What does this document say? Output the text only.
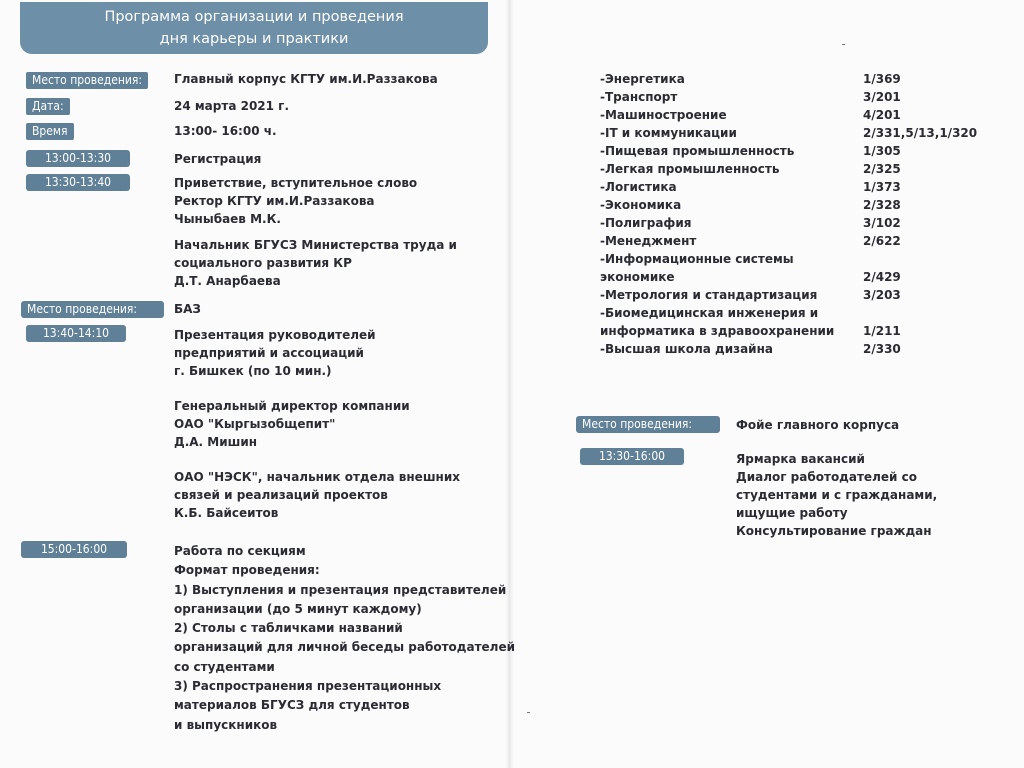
Программа организации и проведения
дня карьеры и практики
Место проведения:	Главный корпус КГТУ им.И.Раззакова

Дата:	24 марта 2021 г.

Время	13:00- 16:00 ч.

13:00-13:30	Регистрация

13:30-13:40	Приветствие, вступительное слово
Ректор КГТУ им.И.Раззакова
Чыныбаев М.К.
Начальник БГУСЗ Министерства труда и
социального развития КР
Д.Т. Анарбаева
Место проведения:	БАЗ

13:40-14:10	Презентация руководителей
предприятий и ассоциаций
г. Бишкек (по 10 мин.)
Генеральный директор компании
ОАО "Кыргызобщепит"
Д.А. Мишин
ОАО "НЭСК", начальник отдела внешних
связей и реализаций проектов
К.Б. Байсеитов
15:00-16:00	Работа по секциям
Формат проведения:
1) Выступления и презентация представителей
организации (до 5 минут каждому)
2) Столы с табличками названий
организаций для личной беседы работодателей
со студентами
3) Распространения презентационных
материалов БГУСЗ для студентов
и выпускников
-Энергетика	1/369
-Транспорт	3/201
-Машиностроение	4/201
-IT и коммуникации	2/331,5/13,1/320
-Пищевая промышленность	1/305
-Легкая промышленность	2/325
-Логистика	1/373
-Экономика	2/328
-Полиграфия	3/102
-Менеджмент	2/622
-Информационные системы
экономике	2/429
-Метрология и стандартизация	3/203
-Биомедицинская инженерия и
информатика в здравоохранении	1/211
-Высшая школа дизайна	2/330
Место проведения:	Фойе главного корпуса

13:30-16:00	Ярмарка вакансий
Диалог работодателей со
студентами и с гражданами,
ищущие работу
Консультирование граждан
